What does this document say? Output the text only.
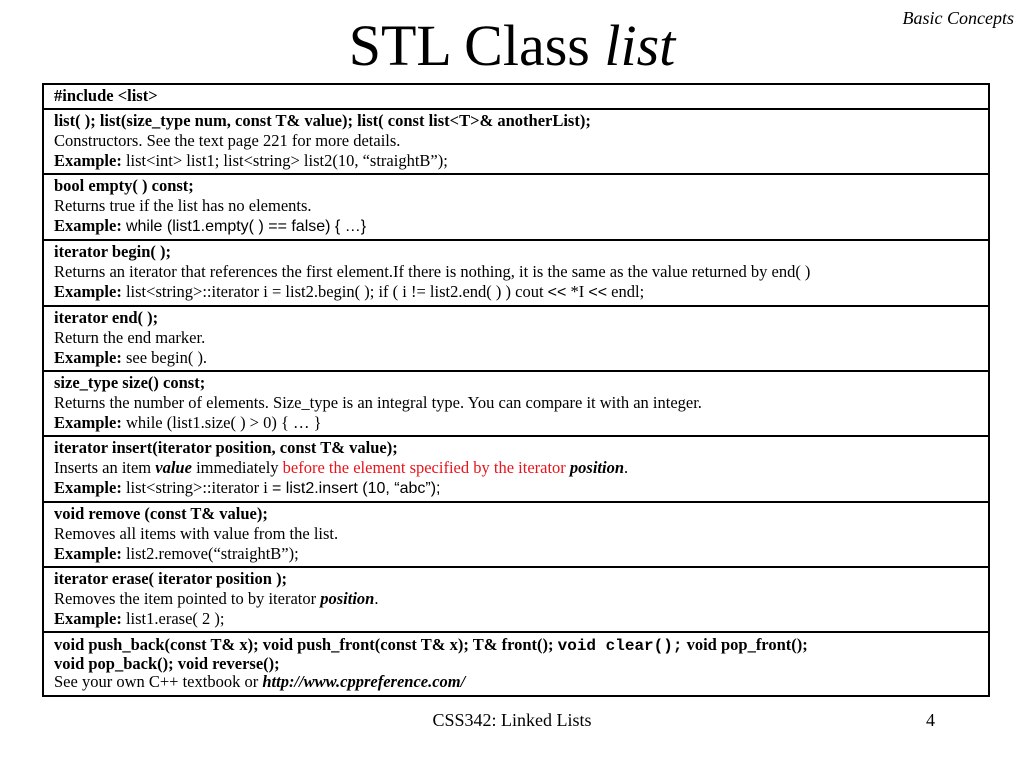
Basic Concepts
STL Class list
#include <list>
list( ); list(size_type num, const T& value); list( const list<T>& anotherList);
Constructors. See the text page 221 for more details.
Example: list<int> list1; list<string> list2(10, “straightB”);
bool empty( ) const;
Returns true if the list has no elements.
Example: while (list1.empty( ) == false) { …}
iterator begin( );
Returns an iterator that references the first element.If there is nothing, it is the same as the value returned by end( )
Example: list<string>::iterator i = list2.begin( ); if ( i != list2.end( ) ) cout << *I << endl;
iterator end( );
Return the end marker.
Example: see begin( ).
size_type size() const;
Returns the number of elements. Size_type is an integral type. You can compare it with an integer.
Example: while (list1.size( ) > 0) { … }
iterator insert(iterator position, const T& value);
Inserts an item value immediately before the element specified by the iterator position.
Example: list<string>::iterator i = list2.insert (10, “abc”);
void remove (const T& value);
Removes all items with value from the list.
Example: list2.remove(“straightB”);
iterator erase( iterator position );
Removes the item pointed to by iterator position.
Example: list1.erase( 2 );
void push_back(const T& x); void push_front(const T& x); T& front(); void clear(); void pop_front();
void pop_back(); void reverse();
See your own C++ textbook or http://www.cppreference.com/
CSS342: Linked Lists	4
